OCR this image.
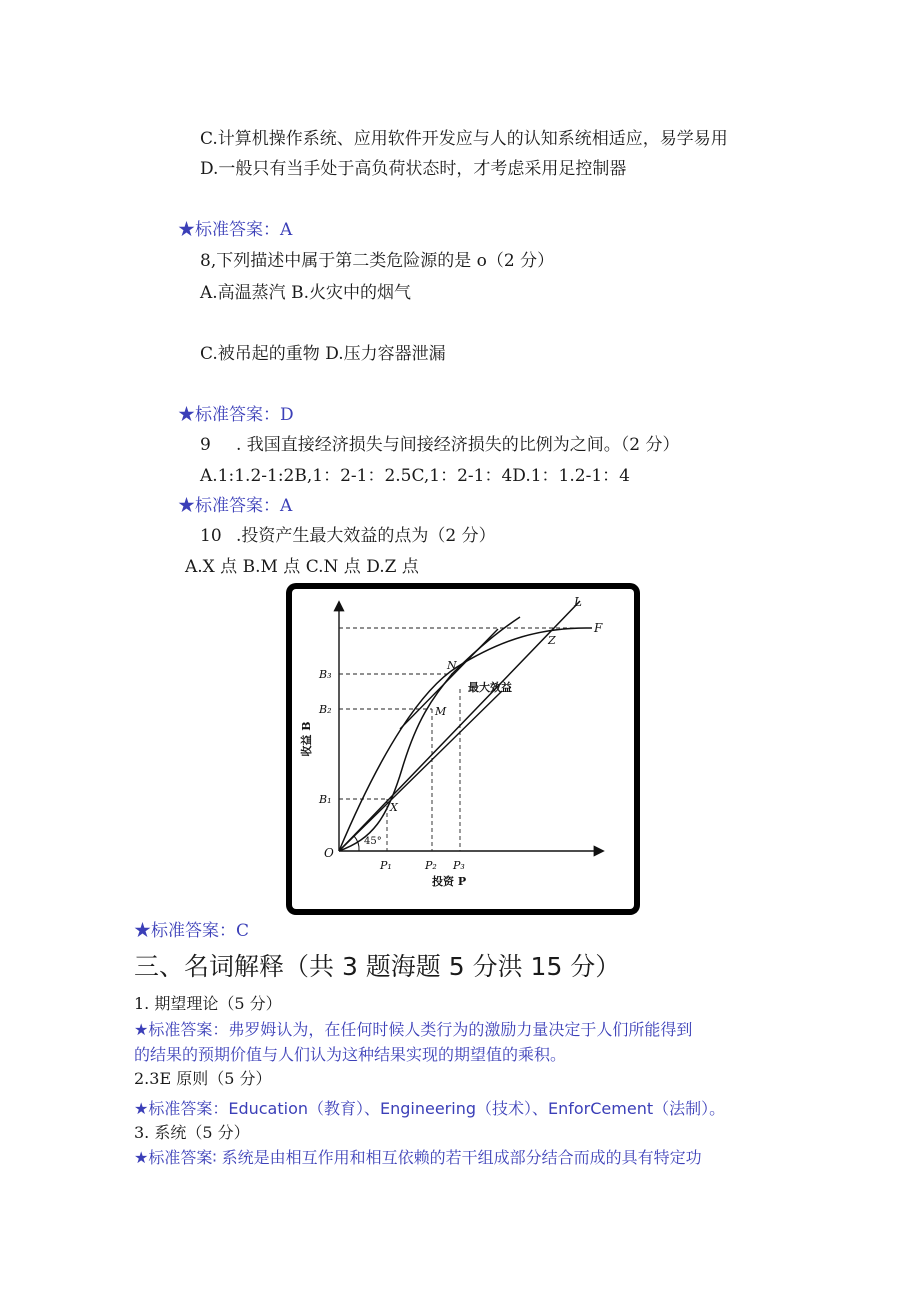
C.计算机操作系统、应用软件开发应与人的认知系统相适应，易学易用
D.一般只有当手处于高负荷状态时，才考虑采用足控制器
★标准答案：A
8,下列描述中属于第二类危险源的是 o（2 分）
A.高温蒸汽 B.火灾中的烟气
C.被吊起的重物 D.压力容器泄漏
★标准答案：D
9 . 我国直接经济损失与间接经济损失的比例为之间。（2 分）
A.1:1.2-1:2B,1：2-1：2.5C,1：2-1：4D.1：1.2-1：4
★标准答案：A
10 .投资产生最大效益的点为（2 分）
A.X 点 B.M 点 C.N 点 D.Z 点
O
45°
B₃
B₂
B₁
P₁	P₂ P₃
X
M
N
Z
L
F
最大效益
投资 P
收益 B
★标准答案：C
三、名词解释（共 3 题海题 5 分洪 15 分）
1. 期望理论（5 分）
★标准答案：弗罗姆认为，在任何时候人类行为的激励力量决定于人们所能得到
的结果的预期价值与人们认为这种结果实现的期望值的乘积。
2.3E 原则（5 分）
★标准答案：Education（教育）、Engineering（技术）、EnforCement（法制）。
3. 系统（5 分）
★标准答案∶ 系统是由相互作用和相互依赖的若干组成部分结合而成的具有特定功
